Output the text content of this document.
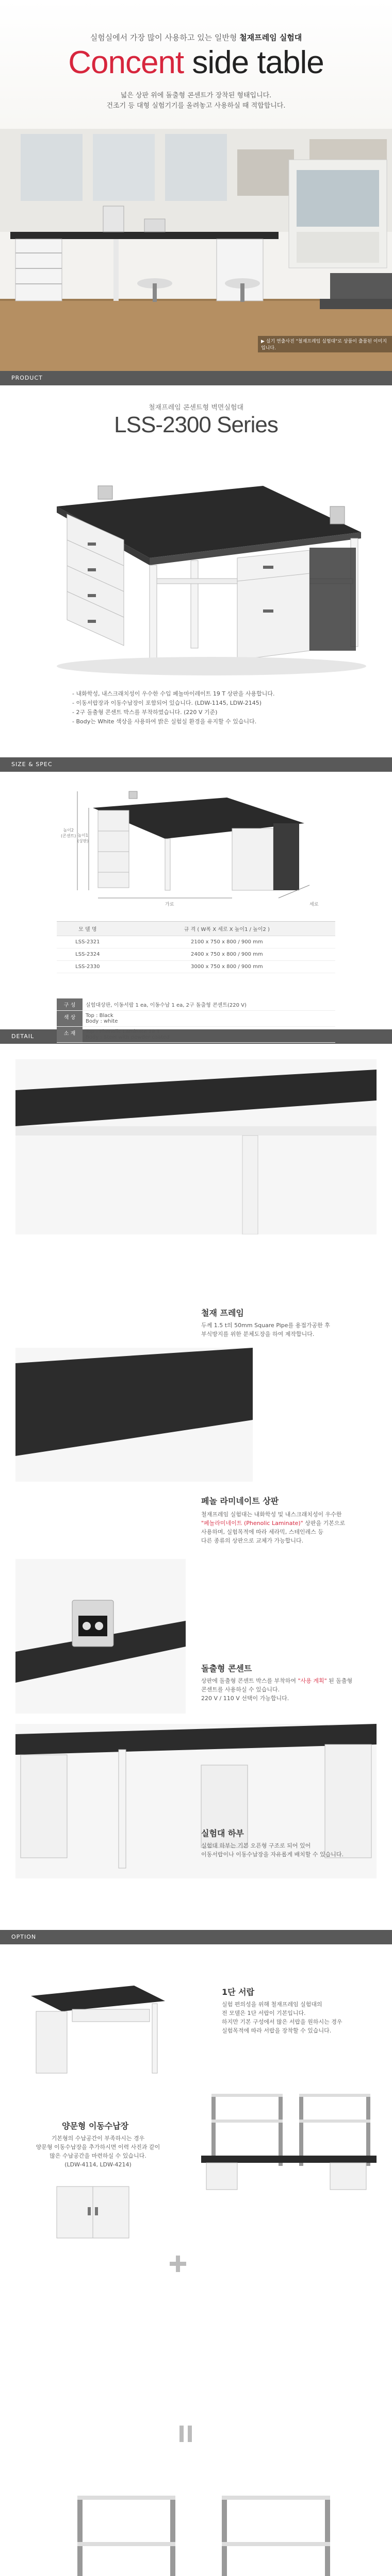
실험실에서 가장 많이 사용하고 있는 일반형 철재프레임 실험대
Concent side table
넓은 상판 위에 돌출형 콘센트가 장착된 형태입니다.
건조기 등 대형 실험기기를 올려놓고 사용하실 때 적합합니다.
▶ 실기 연출사진 "철재프레임 실험대"로 상품이 출품된 이미지입니다.
PRODUCT
철재프레임 콘센트형 벽면실험대
LSS-2300 Series
- 내화학성, 내스크래치성이 우수한 수입 페놀마이레이트 19 T 상판을 사용합니다.
- 이동서랍장과 이동수납장이 포함되어 있습니다. (LDW-1145, LDW-2145)
- 2구 돌출형 콘센트 박스를 부착하였습니다. (220 V 기준)
- Body는 White 색상을 사용하여 밝은 실험실 환경을 유지할 수 있습니다.
SIZE & SPEC
높이2
(콘센트) 높이1
(상판)
가로	세로
모 델 명	규 격 ( W폭 X 세로 X 높이1 / 높이2 )
LSS-2321	2100 x 750 x 800 / 900 mm
LSS-2324	2400 x 750 x 800 / 900 mm
LSS-2330	3000 x 750 x 800 / 900 mm
구 성	실험대상판, 이동서랍 1 ea, 이동수납 1 ea, 2구 돌출형 콘센트(220 V)
색 상	Top : Black
Body : white

소 재	Top : Phenolic Laminate 19 T
Body : Steel with powder coated
DETAIL
철재 프레임
두께 1.5 t의 50mm Square Pipe를 용접가공한 후
부식방지를 위한 분체도장을 하여 제작합니다.
페놀 라미네이트 상판
철재프레임 실험대는 내화학성 및 내스크래치성이 우수한
"페놀라미네이트 (Phenolic Laminate)" 상판을 기본으로
사용하며, 실험목적에 따라 세라믹, 스테인레스 등
다른 종류의 상판으로 교체가 가능합니다.
돌출형 콘센트
상판에 돌출형 콘센트 박스를 부착하여 "사용 계획" 된 돌출형
콘센트를 사용하실 수 있습니다.
220 V / 110 V 선택이 가능합니다.
실험대 하부
실험대 하부는 기본 오픈형 구조로 되어 있어
이동서랍이나 이동수납장을 자유롭게 배치할 수 있습니다.
OPTION
1단 서랍
실험 편의성을 위해 철재프레임 실험대의
전 모델은 1단 서랍이 기본입니다.
하지만 기본 구성에서 많은 서랍을 원하시는 경우
실험목적에 따라 서랍을 장착할 수 있습니다.
양문형 이동수납장
기본형의 수납공간이 부족하시는 경우
양문형 이동수납장을 추가하시면 이력 사진과 같이
많은 수납공간을 마련하실 수 있습니다.
(LDW-4114, LDW-4214)
